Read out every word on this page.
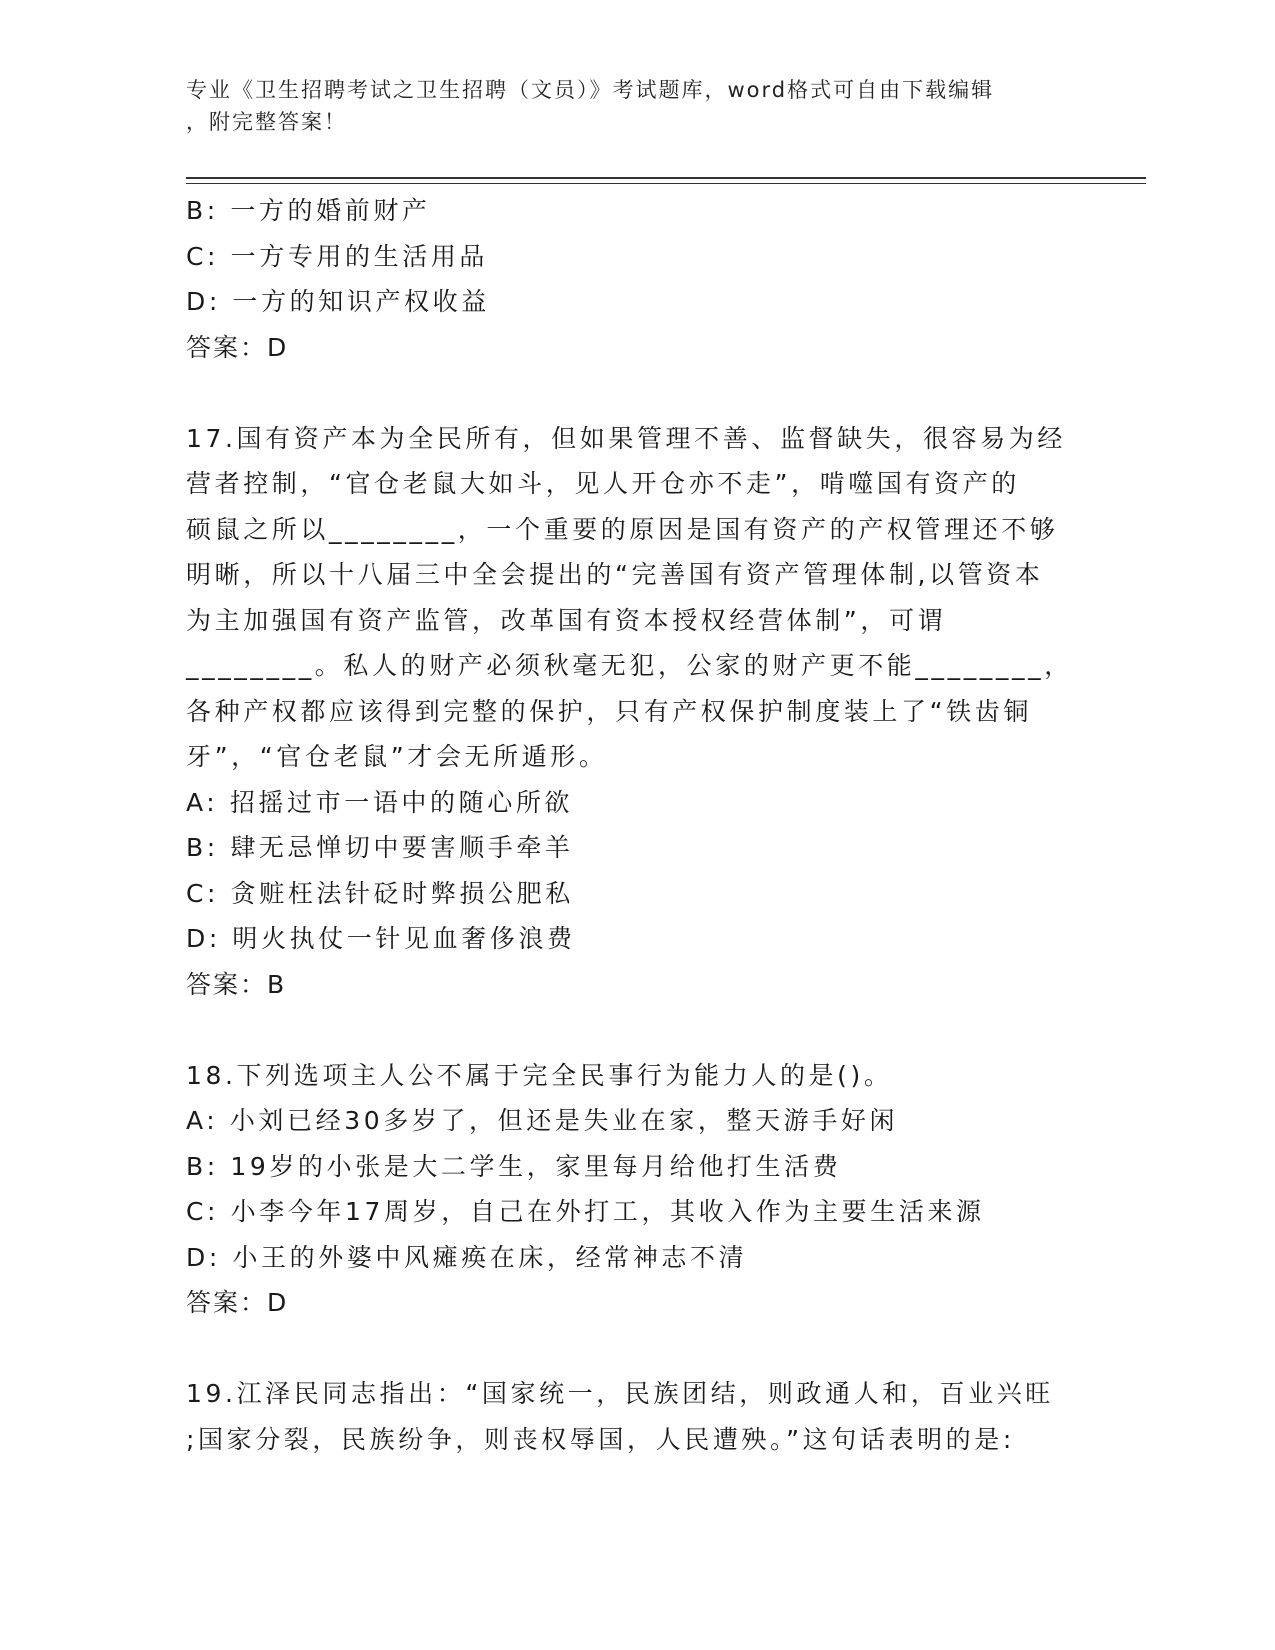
专业《卫生招聘考试之卫生招聘（文员）》考试题库，word格式可自由下载编辑
，附完整答案！
B: 一方的婚前财产
C: 一方专用的生活用品
D: 一方的知识产权收益
答案：D
17.国有资产本为全民所有，但如果管理不善、监督缺失，很容易为经
营者控制，“官仓老鼠大如斗，见人开仓亦不走”，啃噬国有资产的
硕鼠之所以________，一个重要的原因是国有资产的产权管理还不够
明晰，所以十八届三中全会提出的“完善国有资产管理体制,以管资本
为主加强国有资产监管，改革国有资本授权经营体制”，可谓
________。私人的财产必须秋毫无犯，公家的财产更不能________，
各种产权都应该得到完整的保护，只有产权保护制度装上了“铁齿铜
牙”，“官仓老鼠”才会无所遁形。
A: 招摇过市一语中的随心所欲
B: 肆无忌惮切中要害顺手牵羊
C: 贪赃枉法针砭时弊损公肥私
D: 明火执仗一针见血奢侈浪费
答案：B
18.下列选项主人公不属于完全民事行为能力人的是()。
A: 小刘已经30多岁了，但还是失业在家，整天游手好闲
B: 19岁的小张是大二学生，家里每月给他打生活费
C: 小李今年17周岁，自己在外打工，其收入作为主要生活来源
D: 小王的外婆中风瘫痪在床，经常神志不清
答案：D
19.江泽民同志指出：“国家统一，民族团结，则政通人和，百业兴旺
;国家分裂，民族纷争，则丧权辱国，人民遭殃。”这句话表明的是:
